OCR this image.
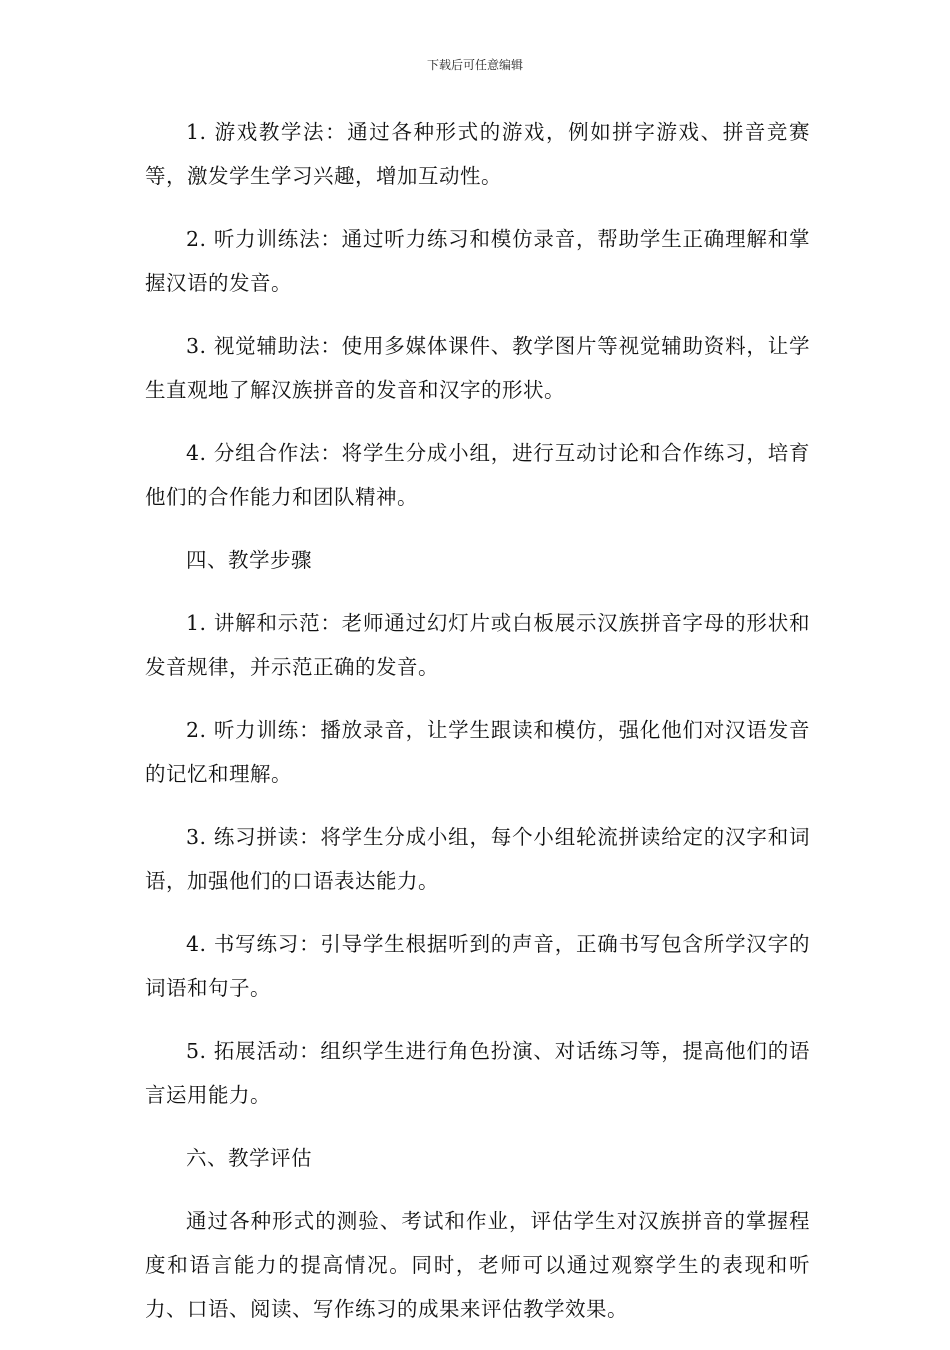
下载后可任意编辑

1. 游戏教学法：通过各种形式的游戏，例如拼字游戏、拼音竞赛等，激发学生学习兴趣，增加互动性。

2. 听力训练法：通过听力练习和模仿录音，帮助学生正确理解和掌握汉语的发音。

3. 视觉辅助法：使用多媒体课件、教学图片等视觉辅助资料，让学生直观地了解汉族拼音的发音和汉字的形状。

4. 分组合作法：将学生分成小组，进行互动讨论和合作练习，培育他们的合作能力和团队精神。

四、教学步骤

1. 讲解和示范：老师通过幻灯片或白板展示汉族拼音字母的形状和发音规律，并示范正确的发音。

2. 听力训练：播放录音，让学生跟读和模仿，强化他们对汉语发音的记忆和理解。

3. 练习拼读：将学生分成小组，每个小组轮流拼读给定的汉字和词语，加强他们的口语表达能力。

4. 书写练习：引导学生根据听到的声音，正确书写包含所学汉字的词语和句子。

5. 拓展活动：组织学生进行角色扮演、对话练习等，提高他们的语言运用能力。

六、教学评估

通过各种形式的测验、考试和作业，评估学生对汉族拼音的掌握程度和语言能力的提高情况。同时，老师可以通过观察学生的表现和听力、口语、阅读、写作练习的成果来评估教学效果。
